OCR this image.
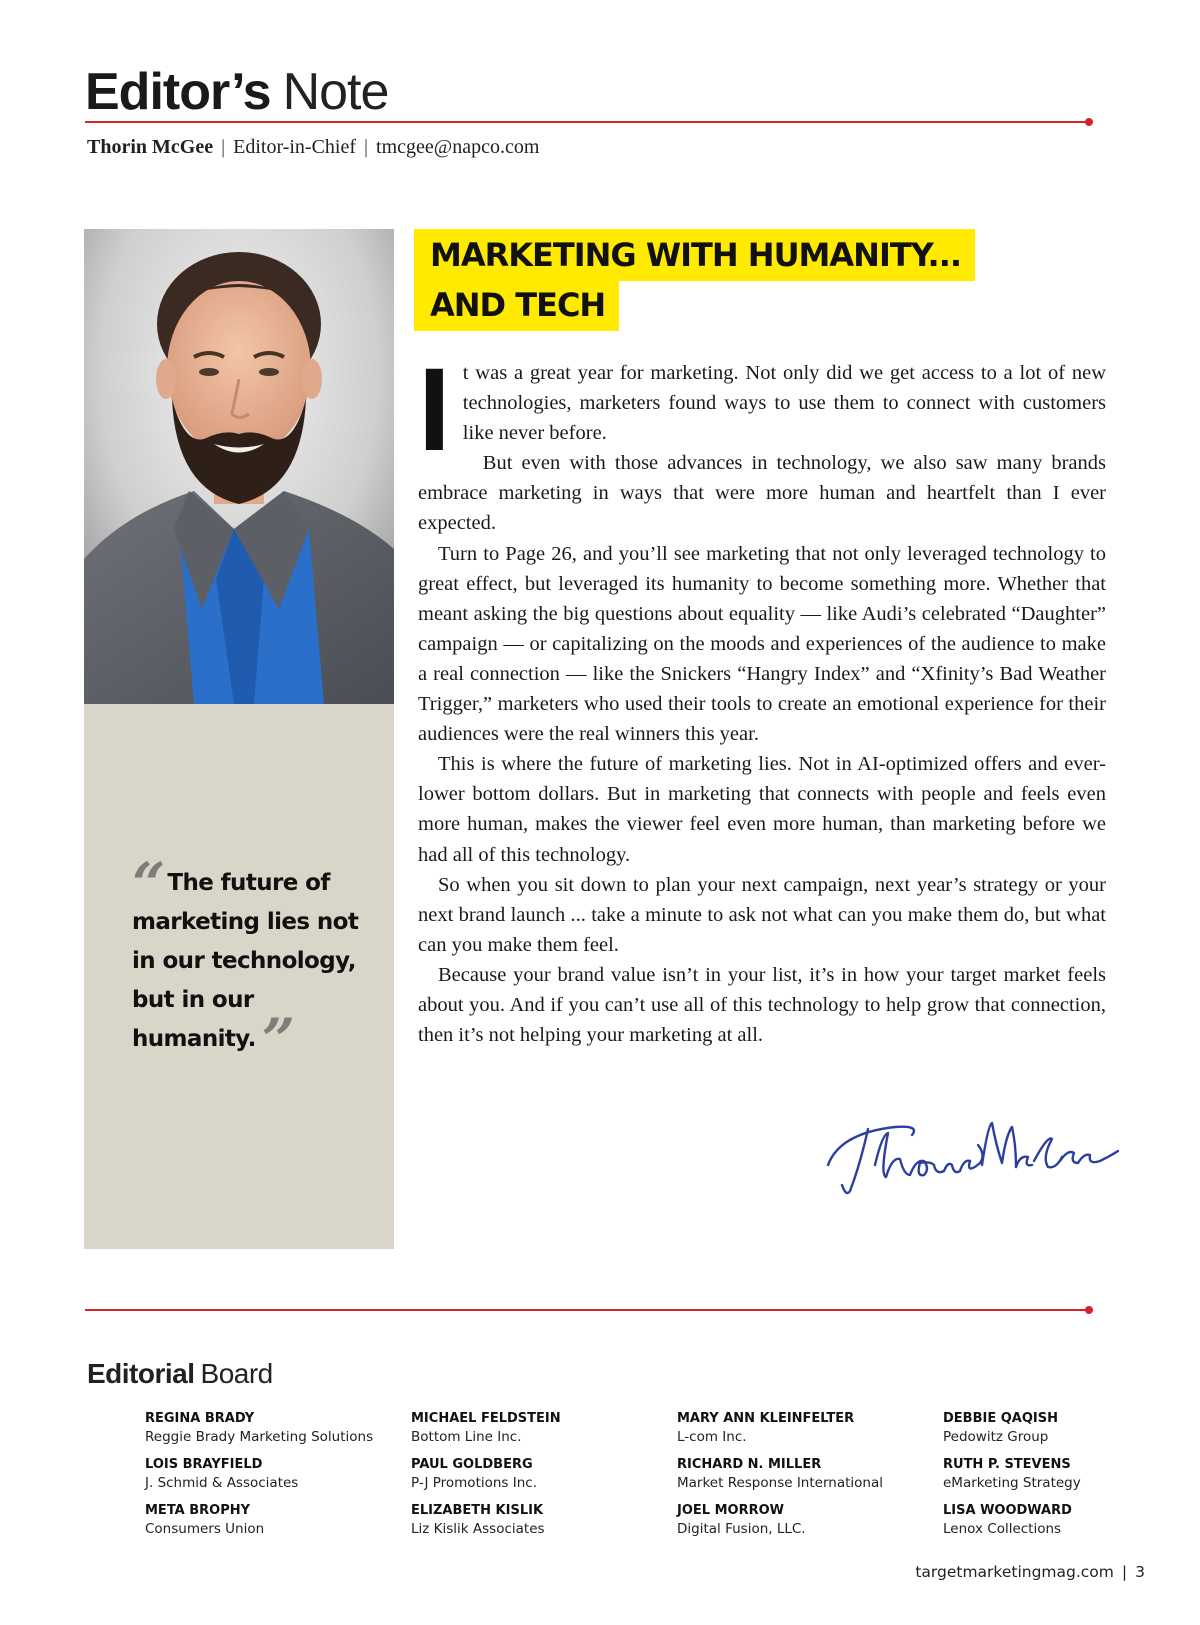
Editor’s Note
Thorin McGee | Editor-in-Chief | tmcgee@napco.com
“ The future of marketing lies not in our technology, but in our humanity. ”
MARKETING WITH HUMANITY...
AND TECH

It was a great year for marketing. Not only did we get access to a lot of new technologies, marketers found ways to use them to connect with customers like never before.

But even with those advances in technology, we also saw many brands embrace marketing in ways that were more human and heartfelt than I ever expected.

Turn to Page 26, and you’ll see marketing that not only leveraged technology to great effect, but leveraged its humanity to become something more. Whether that meant asking the big questions about equality — like Audi’s celebrated “Daughter” campaign — or capitalizing on the moods and experiences of the audience to make a real connection — like the Snickers “Hangry Index” and “Xfinity’s Bad Weather Trigger,” marketers who used their tools to create an emotional experience for their audiences were the real winners this year.

This is where the future of marketing lies. Not in AI-optimized offers and ever-lower bottom dollars. But in marketing that connects with people and feels even more human, makes the viewer feel even more human, than marketing before we had all of this technology.

So when you sit down to plan your next campaign, next year’s strategy or your next brand launch ... take a minute to ask not what can you make them do, but what can you make them feel.

Because your brand value isn’t in your list, it’s in how your target market feels about you. And if you can’t use all of this technology to help grow that connection, then it’s not helping your marketing at all.

Editorial Board
REGINA BRADY
Reggie Brady Marketing Solutions
MICHAEL FELDSTEIN
Bottom Line Inc.
MARY ANN KLEINFELTER
L-com Inc.
DEBBIE QAQISH
Pedowitz Group
LOIS BRAYFIELD
J. Schmid & Associates
PAUL GOLDBERG
P-J Promotions Inc.
RICHARD N. MILLER
Market Response International
RUTH P. STEVENS
eMarketing Strategy
META BROPHY
Consumers Union
ELIZABETH KISLIK
Liz Kislik Associates
JOEL MORROW
Digital Fusion, LLC.
LISA WOODWARD
Lenox Collections
targetmarketingmag.com | 3
